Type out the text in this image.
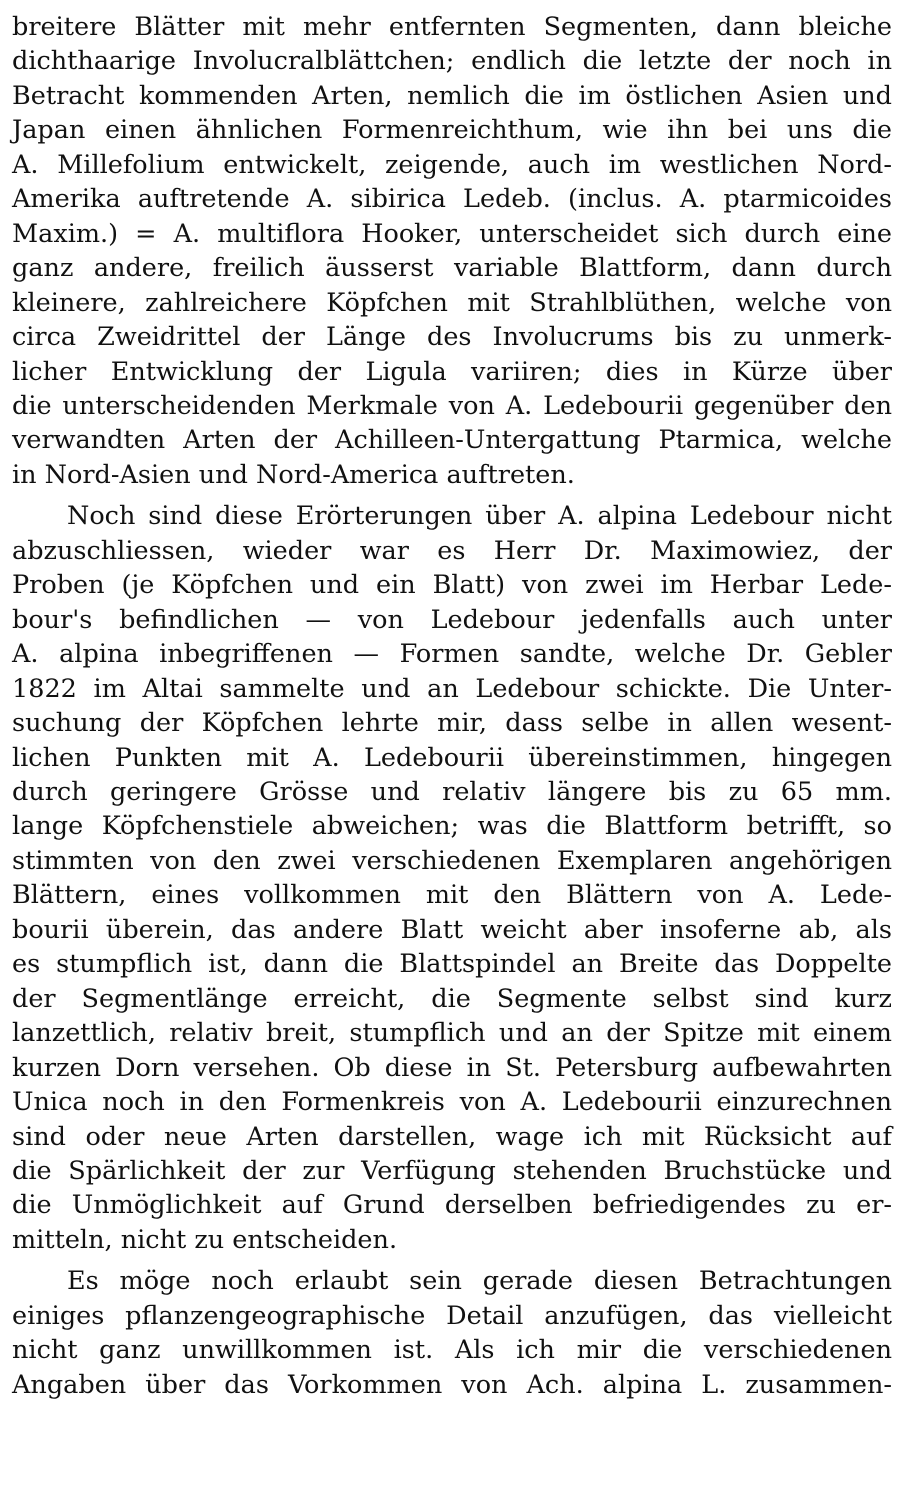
breitere Blätter mit mehr entfernten Segmenten, dann bleiche
dichthaarige Involucralblättchen; endlich die letzte der noch in
Betracht kommenden Arten, nemlich die im östlichen Asien und
Japan einen ähnlichen Formenreichthum, wie ihn bei uns die
A. Millefolium entwickelt, zeigende, auch im westlichen Nord-
Amerika auftretende A. sibirica Ledeb. (inclus. A. ptarmicoides
Maxim.) = A. multiflora Hooker, unterscheidet sich durch eine
ganz andere, freilich äusserst variable Blattform, dann durch
kleinere, zahlreichere Köpfchen mit Strahlblüthen, welche von
circa Zweidrittel der Länge des Involucrums bis zu unmerk-
licher Entwicklung der Ligula variiren; dies in Kürze über
die unterscheidenden Merkmale von A. Ledebourii gegenüber den
verwandten Arten der Achilleen-Untergattung Ptarmica, welche
in Nord-Asien und Nord-America auftreten.

Noch sind diese Erörterungen über A. alpina Ledebour nicht
abzuschliessen, wieder war es Herr Dr. Maximowiez, der
Proben (je Köpfchen und ein Blatt) von zwei im Herbar Lede-
bour's befindlichen — von Ledebour jedenfalls auch unter
A. alpina inbegriffenen — Formen sandte, welche Dr. Gebler
1822 im Altai sammelte und an Ledebour schickte. Die Unter-
suchung der Köpfchen lehrte mir, dass selbe in allen wesent-
lichen Punkten mit A. Ledebourii übereinstimmen, hingegen
durch geringere Grösse und relativ längere bis zu 65 mm.
lange Köpfchenstiele abweichen; was die Blattform betrifft, so
stimmten von den zwei verschiedenen Exemplaren angehörigen
Blättern, eines vollkommen mit den Blättern von A. Lede-
bourii überein, das andere Blatt weicht aber insoferne ab, als
es stumpflich ist, dann die Blattspindel an Breite das Doppelte
der Segmentlänge erreicht, die Segmente selbst sind kurz
lanzettlich, relativ breit, stumpflich und an der Spitze mit einem
kurzen Dorn versehen. Ob diese in St. Petersburg aufbewahrten
Unica noch in den Formenkreis von A. Ledebourii einzurechnen
sind oder neue Arten darstellen, wage ich mit Rücksicht auf
die Spärlichkeit der zur Verfügung stehenden Bruchstücke und
die Unmöglichkeit auf Grund derselben befriedigendes zu er-
mitteln, nicht zu entscheiden.

Es möge noch erlaubt sein gerade diesen Betrachtungen
einiges pflanzengeographische Detail anzufügen, das vielleicht
nicht ganz unwillkommen ist. Als ich mir die verschiedenen
Angaben über das Vorkommen von Ach. alpina L. zusammen-
